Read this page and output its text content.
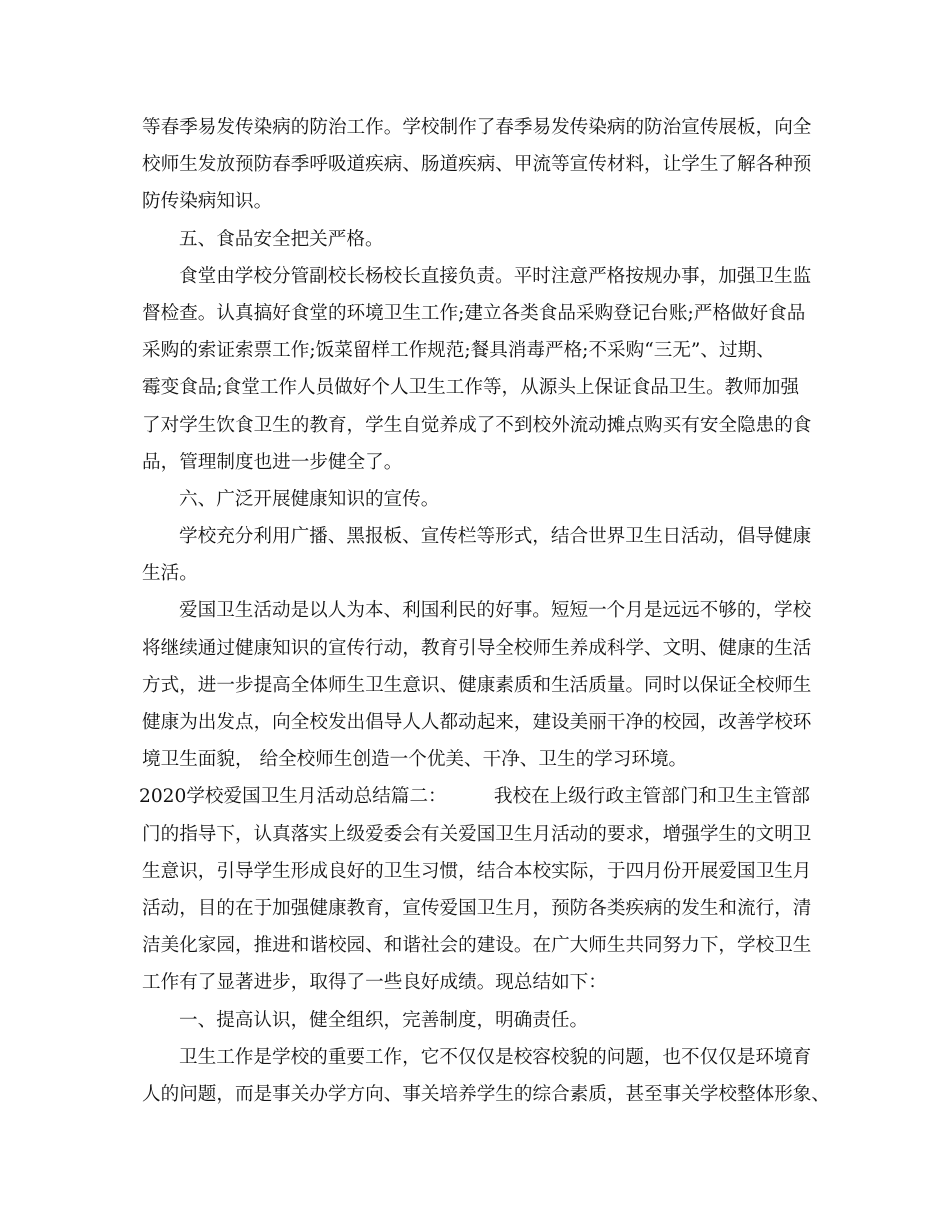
等春季易发传染病的防治工作。学校制作了春季易发传染病的防治宣传展板，向全
校师生发放预防春季呼吸道疾病、肠道疾病、甲流等宣传材料，让学生了解各种预
防传染病知识。
五、食品安全把关严格。
食堂由学校分管副校长杨校长直接负责。平时注意严格按规办事，加强卫生监
督检查。认真搞好食堂的环境卫生工作;建立各类食品采购登记台账;严格做好食品
采购的索证索票工作;饭菜留样工作规范;餐具消毒严格;不采购“三无”、过期、
霉变食品;食堂工作人员做好个人卫生工作等，从源头上保证食品卫生。教师加强
了对学生饮食卫生的教育，学生自觉养成了不到校外流动摊点购买有安全隐患的食
品，管理制度也进一步健全了。
六、广泛开展健康知识的宣传。
学校充分利用广播、黑报板、宣传栏等形式，结合世界卫生日活动，倡导健康
生活。
爱国卫生活动是以人为本、利国利民的好事。短短一个月是远远不够的，学校
将继续通过健康知识的宣传行动，教育引导全校师生养成科学、文明、健康的生活
方式，进一步提高全体师生卫生意识、健康素质和生活质量。同时以保证全校师生
健康为出发点，向全校发出倡导人人都动起来，建设美丽干净的校园，改善学校环
境卫生面貌， 给全校师生创造一个优美、干净、卫生的学习环境。
2020学校爱国卫生月活动总结篇二：        我校在上级行政主管部门和卫生主管部
门的指导下，认真落实上级爱委会有关爱国卫生月活动的要求，增强学生的文明卫
生意识，引导学生形成良好的卫生习惯，结合本校实际，于四月份开展爱国卫生月
活动，目的在于加强健康教育，宣传爱国卫生月，预防各类疾病的发生和流行，清
洁美化家园，推进和谐校园、和谐社会的建设。在广大师生共同努力下，学校卫生
工作有了显著进步，取得了一些良好成绩。现总结如下：
一、提高认识，健全组织，完善制度，明确责任。
卫生工作是学校的重要工作，它不仅仅是校容校貌的问题，也不仅仅是环境育
人的问题，而是事关办学方向、事关培养学生的综合素质，甚至事关学校整体形象、
